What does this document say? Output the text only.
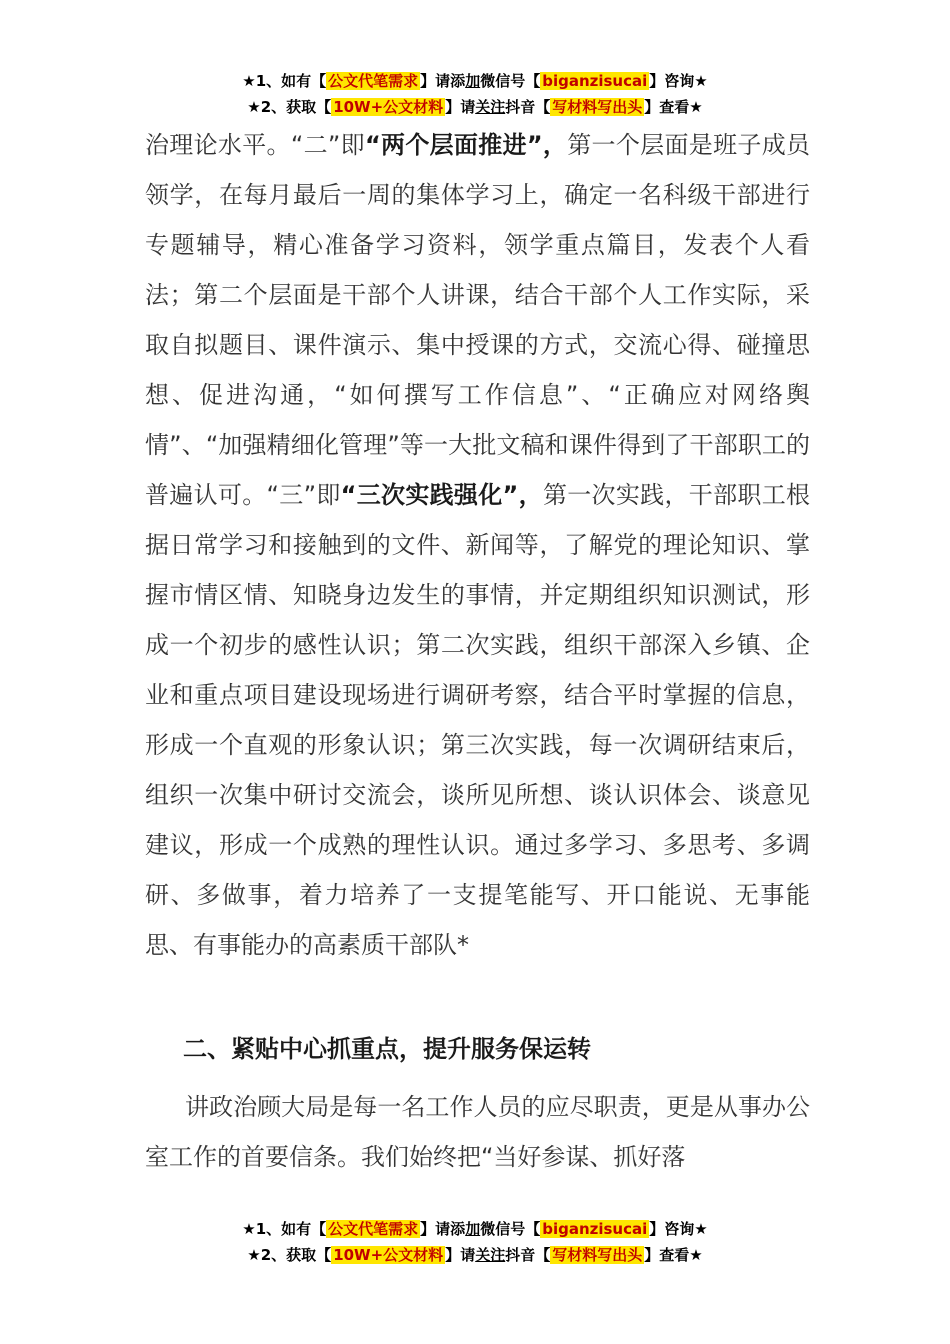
★1、如有【 公文代笔需求 】请添加微信号【 biganzisucai 】咨询★
★2、获取【 10W+公文材料 】请关注抖音【 写材料写出头 】查看★
治理论水平。“二”即“两个层面推进”，第一个层面是班子成员领学，在每月最后一周的集体学习上，确定一名科级干部进行专题辅导，精心准备学习资料，领学重点篇目，发表个人看法；第二个层面是干部个人讲课，结合干部个人工作实际，采取自拟题目、课件演示、集中授课的方式，交流心得、碰撞思想、促进沟通，“如何撰写工作信息”、“正确应对网络舆情”、“加强精细化管理”等一大批文稿和课件得到了干部职工的普遍认可。“三”即“三次实践强化”，第一次实践，干部职工根据日常学习和接触到的文件、新闻等，了解党的理论知识、掌握市情区情、知晓身边发生的事情，并定期组织知识测试，形成一个初步的感性认识；第二次实践，组织干部深入乡镇、企业和重点项目建设现场进行调研考察，结合平时掌握的信息，形成一个直观的形象认识；第三次实践，每一次调研结束后，组织一次集中研讨交流会，谈所见所想、谈认识体会、谈意见建议，形成一个成熟的理性认识。通过多学习、多思考、多调研、多做事，着力培养了一支提笔能写、开口能说、无事能思、有事能办的高素质干部队*
二、紧贴中心抓重点，提升服务保运转
讲政治顾大局是每一名工作人员的应尽职责，更是从事办公室工作的首要信条。我们始终把“当好参谋、抓好落
★1、如有【 公文代笔需求 】请添加微信号【 biganzisucai 】咨询★
★2、获取【 10W+公文材料 】请关注抖音【 写材料写出头 】查看★
